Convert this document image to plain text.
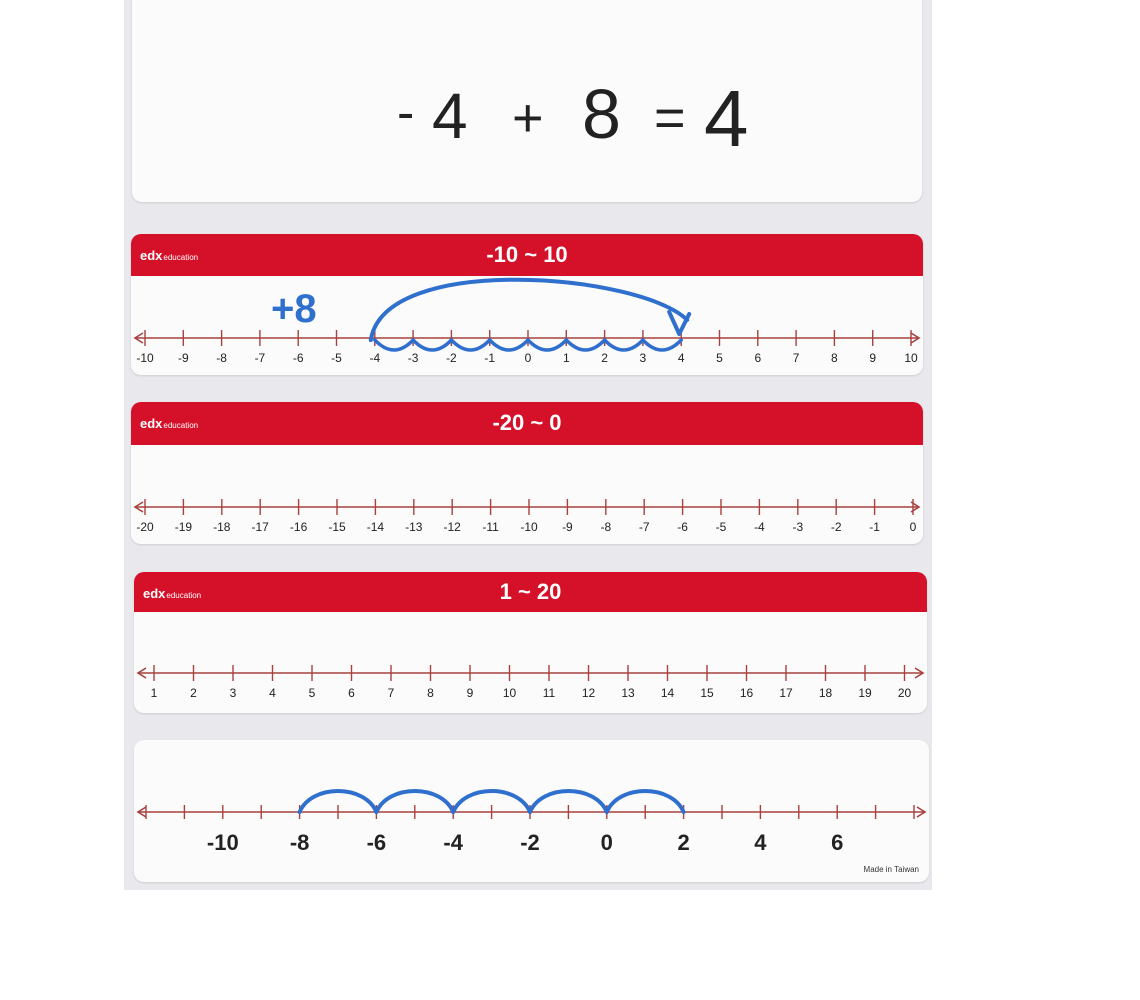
- 4 + 8 = 4
edxeducation	-10 ~ 10
-10 -9 -8 -7 -6 -5 -4 -3 -2 -1 0	1	2	3	4	5	6	7	8	9 10
+8
edxeducation	-20 ~ 0
-20 -19 -18 -17 -16 -15 -14 -13 -12 -11 -10 -9 -8 -7 -6 -5 -4 -3 -2 -1 0
edxeducation	1 ~ 20
1	2	3	4	5	6	7	8	9 10 11 12 13 14 15 16 17 18 19 20
-10 -8	-6	-4	-2	0	2	4	6
Made in Taiwan
